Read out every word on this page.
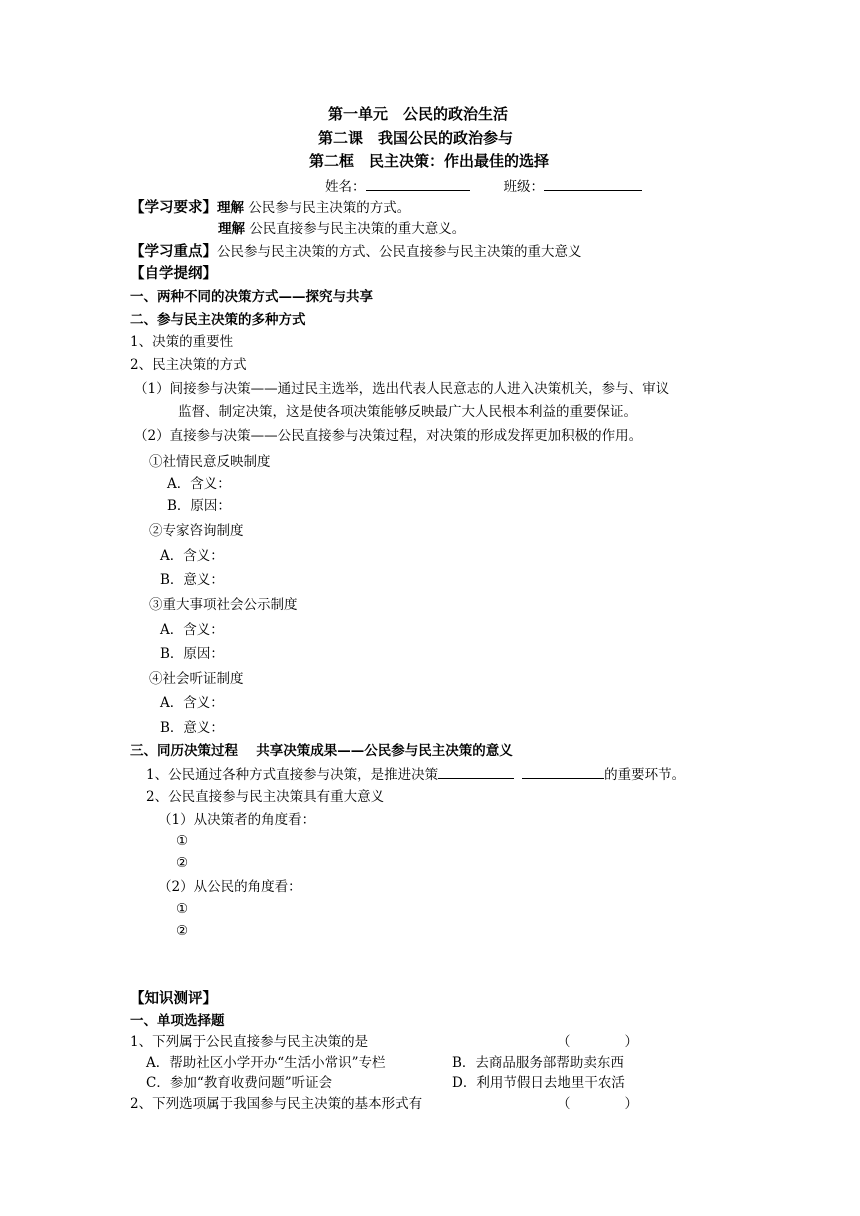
第一单元　公民的政治生活
第二课　我国公民的政治参与
第二框　民主决策：作出最佳的选择
姓名：	班级：
【学习要求】理解 公民参与民主决策的方式。
理解 公民直接参与民主决策的重大意义。
【学习重点】公民参与民主决策的方式、公民直接参与民主决策的重大意义
【自学提纲】
一、两种不同的决策方式——探究与共享
二、参与民主决策的多种方式
1、决策的重要性
2、民主决策的方式
（1）间接参与决策——通过民主选举，选出代表人民意志的人进入决策机关，参与、审议
监督、制定决策，这是使各项决策能够反映最广大人民根本利益的重要保证。
（2）直接参与决策——公民直接参与决策过程，对决策的形成发挥更加积极的作用。
①社情民意反映制度
A．含义：
B．原因：
②专家咨询制度
A．含义：
B．意义：
③重大事项社会公示制度
A．含义：
B．原因：
④社会听证制度
A．含义：
B．意义：
三、同历决策过程　 共享决策成果——公民参与民主决策的意义
1、公民通过各种方式直接参与决策，是推进决策	的重要环节。
2、公民直接参与民主决策具有重大意义
（1）从决策者的角度看：
①
②
（2）从公民的角度看：
①
②
【知识测评】
一、单项选择题
1、下列属于公民直接参与民主决策的是	（　　　　）
A．帮助社区小学开办“生活小常识”专栏	B．去商品服务部帮助卖东西
C．参加“教育收费问题”听证会	D．利用节假日去地里干农活
2、下列选项属于我国参与民主决策的基本形式有	（　　　　）
